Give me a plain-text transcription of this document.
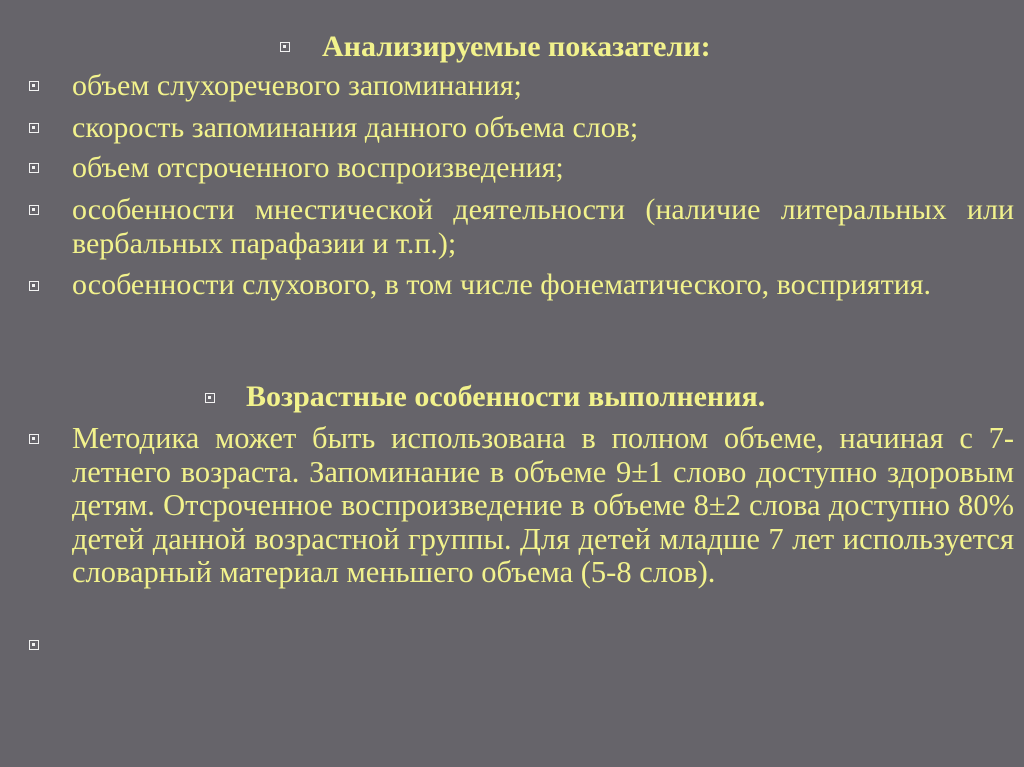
Анализируемые показатели:
объем слухоречевого запоминания;
скорость запоминания данного объема слов;
объем отсроченного воспроизведения;
особенности мнестической деятельности (наличие литеральных или вербальных парафазии и т.п.);
особенности слухового, в том числе фонематического, восприятия.
Возрастные особенности выполнения.
Методика может быть использована в полном объеме, начиная с 7-летнего возраста. Запоминание в объеме 9±1 слово доступно здоровым детям. Отсроченное воспроизведение в объеме 8±2 слова доступно 80% детей данной возрастной группы. Для детей младше 7 лет используется словарный материал меньшего объема (5-8 слов).
